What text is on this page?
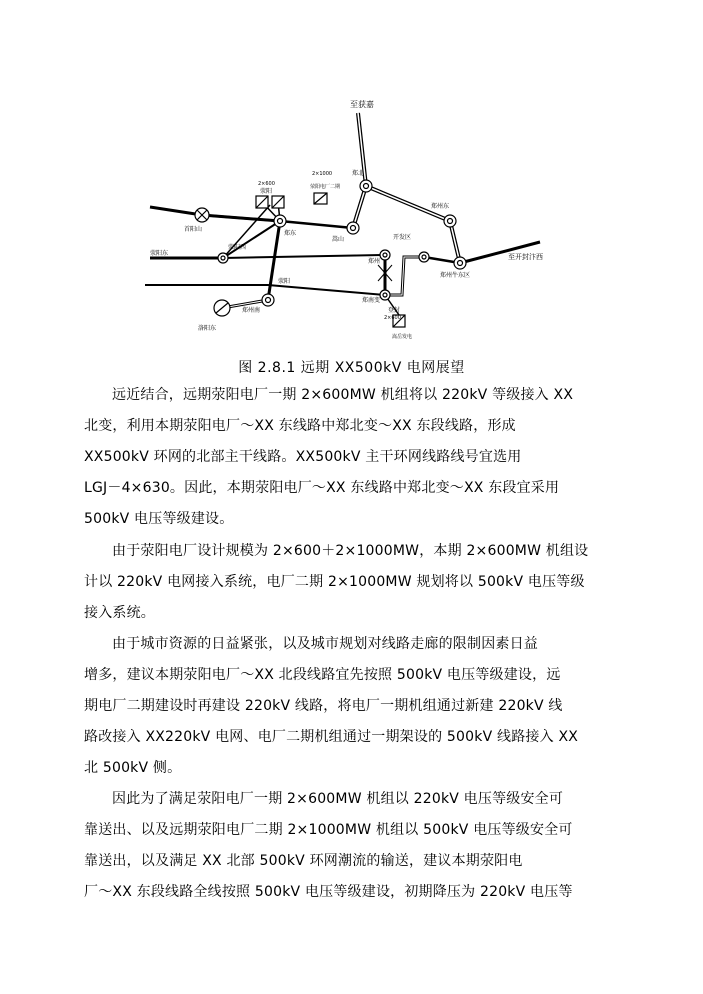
至获嘉
2×1000
荥阳电厂二期
郑北
2×600
荥阳
首阳山
荥阳西
郑东
嵩山	开发区
荥阳东
荥阳
郑州南
洛阳东
郑州
郑南变
2×600
登封
嵩岳发电
郑州东
郑州牛东区
至开封汴西
图 2.8.1 远期 XX500kV 电网展望
远近结合，远期荥阳电厂一期 2×600MW 机组将以 220kV 等级接入 XX
北变，利用本期荥阳电厂～XX 东线路中郑北变～XX 东段线路，形成
XX500kV 环网的北部主干线路。XX500kV 主干环网线路线号宜选用
LGJ－4×630。因此，本期荥阳电厂～XX 东线路中郑北变～XX 东段宜采用
500kV 电压等级建设。
由于荥阳电厂设计规模为 2×600＋2×1000MW，本期 2×600MW 机组设
计以 220kV 电网接入系统，电厂二期 2×1000MW 规划将以 500kV 电压等级
接入系统。
由于城市资源的日益紧张，以及城市规划对线路走廊的限制因素日益
增多，建议本期荥阳电厂～XX 北段线路宜先按照 500kV 电压等级建设，远
期电厂二期建设时再建设 220kV 线路，将电厂一期机组通过新建 220kV 线
路改接入 XX220kV 电网、电厂二期机组通过一期架设的 500kV 线路接入 XX
北 500kV 侧。
因此为了满足荥阳电厂一期 2×600MW 机组以 220kV 电压等级安全可
靠送出、以及远期荥阳电厂二期 2×1000MW 机组以 500kV 电压等级安全可
靠送出，以及满足 XX 北部 500kV 环网潮流的输送，建议本期荥阳电
厂～XX 东段线路全线按照 500kV 电压等级建设，初期降压为 220kV 电压等
